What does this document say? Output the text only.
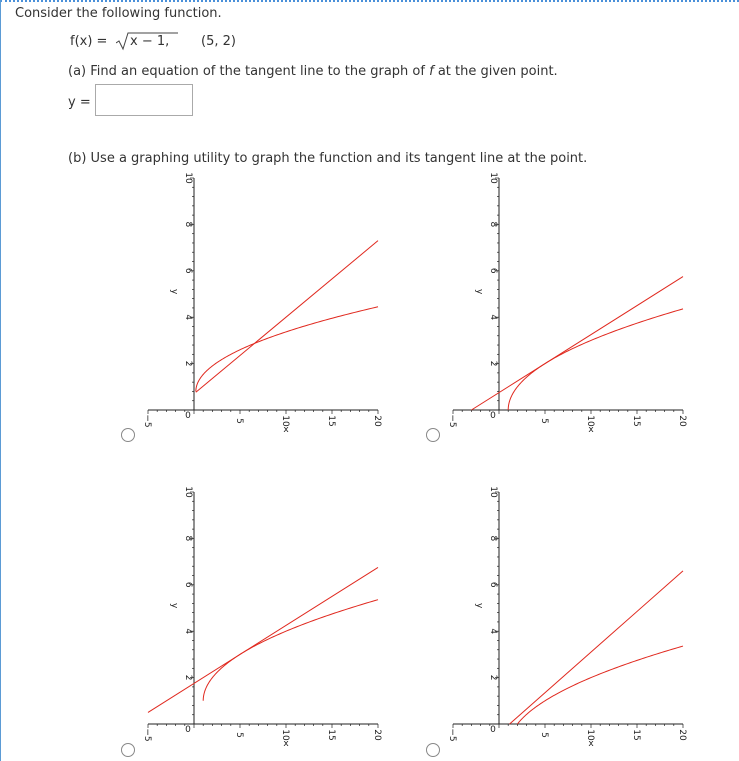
Consider the following function.
f(x) = x − 1, (5, 2)
(a) Find an equation of the tangent line to the graph of f at the given point.
y =
(b) Use a graphing utility to graph the function and its tangent line at the point.
−5	5	10	15	20
2
4
6
8
10
0
x
y
−5	5	10	15	20
2
4
6
8
10
0
x
y
−5	5	10	15	20
2
4
6
8
10
0
x
y
−5	5	10	15	20
2
4
6
8
10
0
x
y
